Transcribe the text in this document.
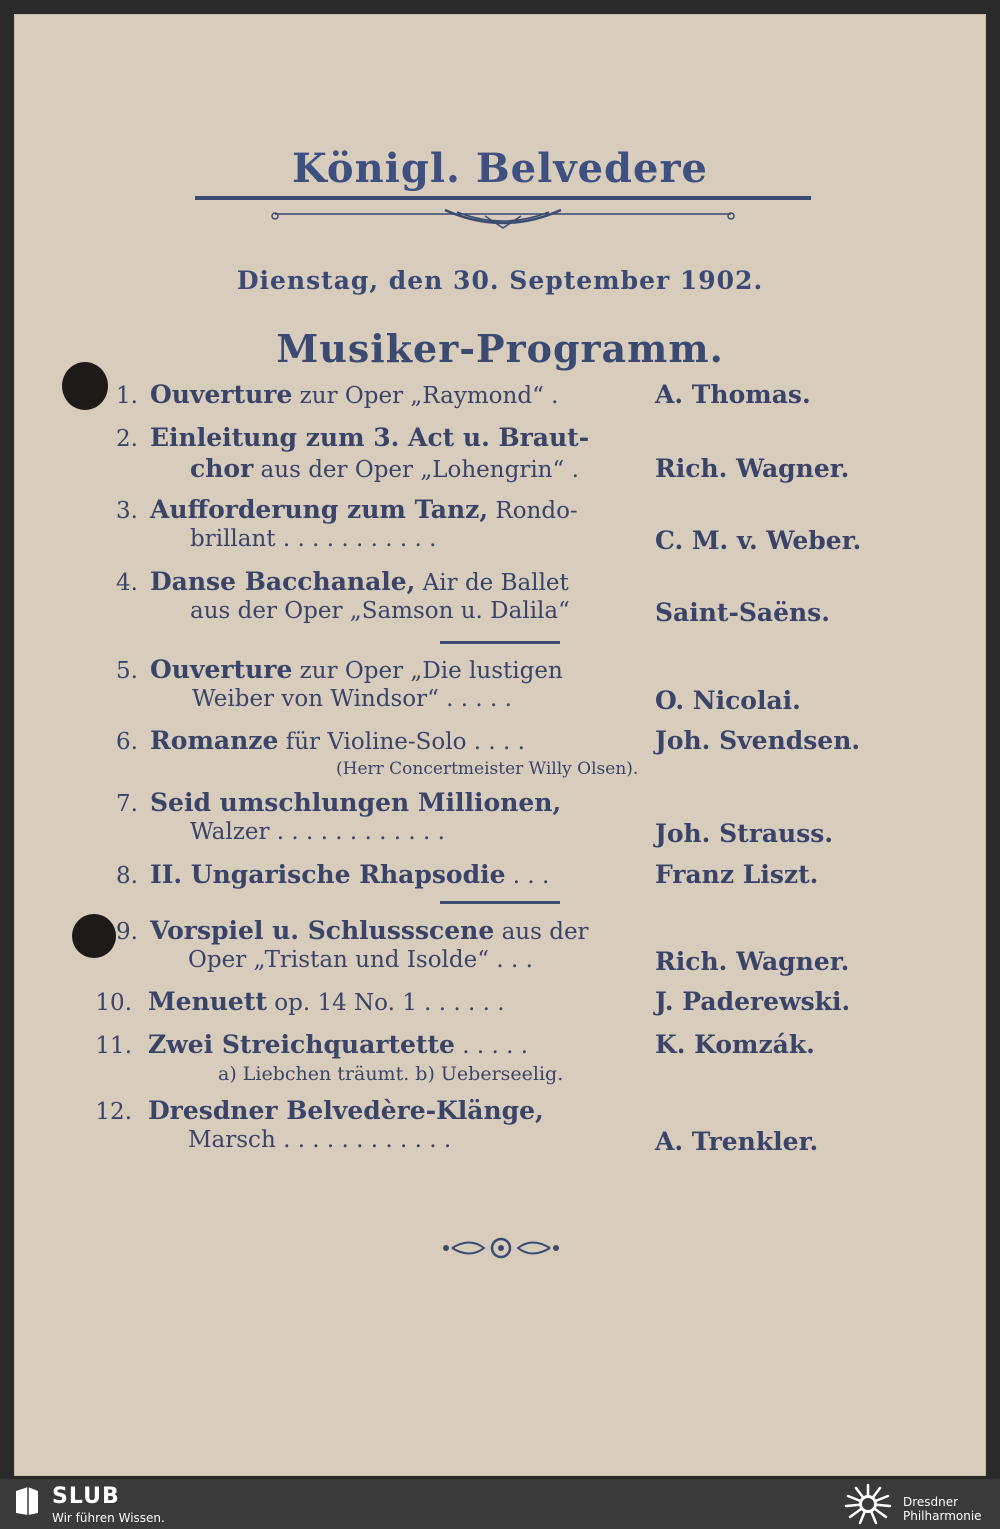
Königl. Belvedere
Dienstag, den 30. September 1902.
Musiker-Programm.
1. Ouverture zur Oper „Raymond“ .	A. Thomas.
2. Einleitung zum 3. Act u. Braut-
chor aus der Oper „Lohengrin“ .	Rich. Wagner.
3. Aufforderung zum Tanz, Rondo-
brillant . . . . . . . . . . .	C. M. v. Weber.
4. Danse Bacchanale, Air de Ballet
aus der Oper „Samson u. Dalila“	Saint-Saëns.
5. Ouverture zur Oper „Die lustigen
Weiber von Windsor“ . . . . .	O. Nicolai.
6. Romanze für Violine-Solo . . . .	Joh. Svendsen.
(Herr Concertmeister Willy Olsen).
7. Seid umschlungen Millionen,
Walzer . . . . . . . . . . . .	Joh. Strauss.
8. II. Ungarische Rhapsodie . . .	Franz Liszt.
9. Vorspiel u. Schlussscene aus der
Oper „Tristan und Isolde“ . . .	Rich. Wagner.
10. Menuett op. 14 No. 1 . . . . . .	J. Paderewski.
11. Zwei Streichquartette . . . . .	K. Komzák.
a) Liebchen träumt. b) Ueberseelig.
12. Dresdner Belvedère-Klänge,
Marsch . . . . . . . . . . . .	A. Trenkler.
SLUB
Wir führen Wissen.
Dresdner
Philharmonie
